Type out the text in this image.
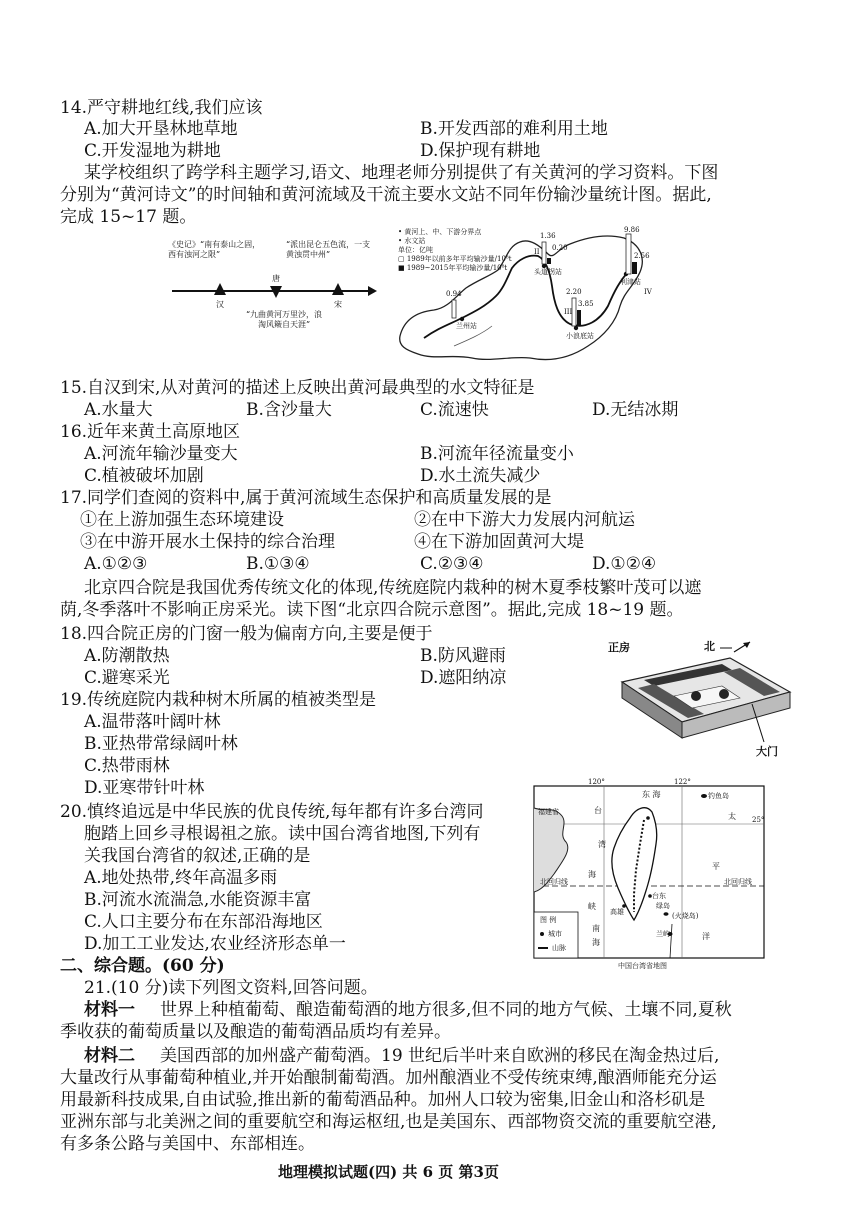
14.严守耕地红线,我们应该
A.加大开垦林地草地	B.开发西部的难利用土地
C.开发湿地为耕地	D.保护现有耕地
某学校组织了跨学科主题学习,语文、地理老师分别提供了有关黄河的学习资料。下图
分别为“黄河诗文”的时间轴和黄河流域及干流主要水文站不同年份输沙量统计图。据此,
完成 15~17 题。
《史记》“南有泰山之固，西有浊河之限”
“派出昆仑五色流，一支黄浊贯中州”
汉
唐
宋
“九曲黄河万里沙，浪淘风簸自天涯”
• 黄河上、中、下游分界点
• 水文站
单位：亿吨
▢ 1989年以前多年平均输沙量/10⁸t
■ 1989~2015年平均输沙量/10⁸t
1.36
0.20
9.86
2.56
0.94	2.20
3.85
头道拐站
利津站
兰州站
小浪底站
II
III
IV
15.自汉到宋,从对黄河的描述上反映出黄河最典型的水文特征是
A.水量大	B.含沙量大	C.流速快	D.无结冰期
16.近年来黄土高原地区
A.河流年输沙量变大	B.河流年径流量变小
C.植被破坏加剧	D.水土流失减少
17.同学们查阅的资料中,属于黄河流域生态保护和高质量发展的是
①在上游加强生态环境建设	②在中下游大力发展内河航运
③在中游开展水土保持的综合治理	④在下游加固黄河大堤
A.①②③	B.①③④	C.②③④	D.①②④
北京四合院是我国优秀传统文化的体现,传统庭院内栽种的树木夏季枝繁叶茂可以遮
荫,冬季落叶不影响正房采光。读下图“北京四合院示意图”。据此,完成 18~19 题。
18.四合院正房的门窗一般为偏南方向,主要是便于
A.防潮散热	B.防风避雨
C.避寒采光	D.遮阳纳凉
19.传统庭院内栽种树木所属的植被类型是
A.温带落叶阔叶林
B.亚热带常绿阔叶林
C.热带雨林
D.亚寒带针叶林
正房	北
大门
20.慎终追远是中华民族的优良传统,每年都有许多台湾同
胞踏上回乡寻根谒祖之旅。读中国台湾省地图,下列有
关我国台湾省的叙述,正确的是
A.地处热带,终年高温多雨
B.河流水流湍急,水能资源丰富
C.人口主要分布在东部沿海地区
D.加工工业发达,农业经济形态单一
120°	122°
25°
东 海	钓鱼岛
太
平
洋
福建省	台
湾
海
峡
北回归线	北回归线
台东
绿岛
(火烧岛)
高雄
兰屿
南
海
图 例
城市
山脉
中国台湾省地图
二、综合题。(60 分)
21.(10 分)读下列图文资料,回答问题。
材料一 世界上种植葡萄、酿造葡萄酒的地方很多,但不同的地方气候、土壤不同,夏秋
季收获的葡萄质量以及酿造的葡萄酒品质均有差异。
材料二 美国西部的加州盛产葡萄酒。19 世纪后半叶来自欧洲的移民在淘金热过后,
大量改行从事葡萄种植业,并开始酿制葡萄酒。加州酿酒业不受传统束缚,酿酒师能充分运
用最新科技成果,自由试验,推出新的葡萄酒品种。加州人口较为密集,旧金山和洛杉矶是
亚洲东部与北美洲之间的重要航空和海运枢纽,也是美国东、西部物资交流的重要航空港,
有多条公路与美国中、东部相连。
地理模拟试题(四) 共 6 页 第3页
